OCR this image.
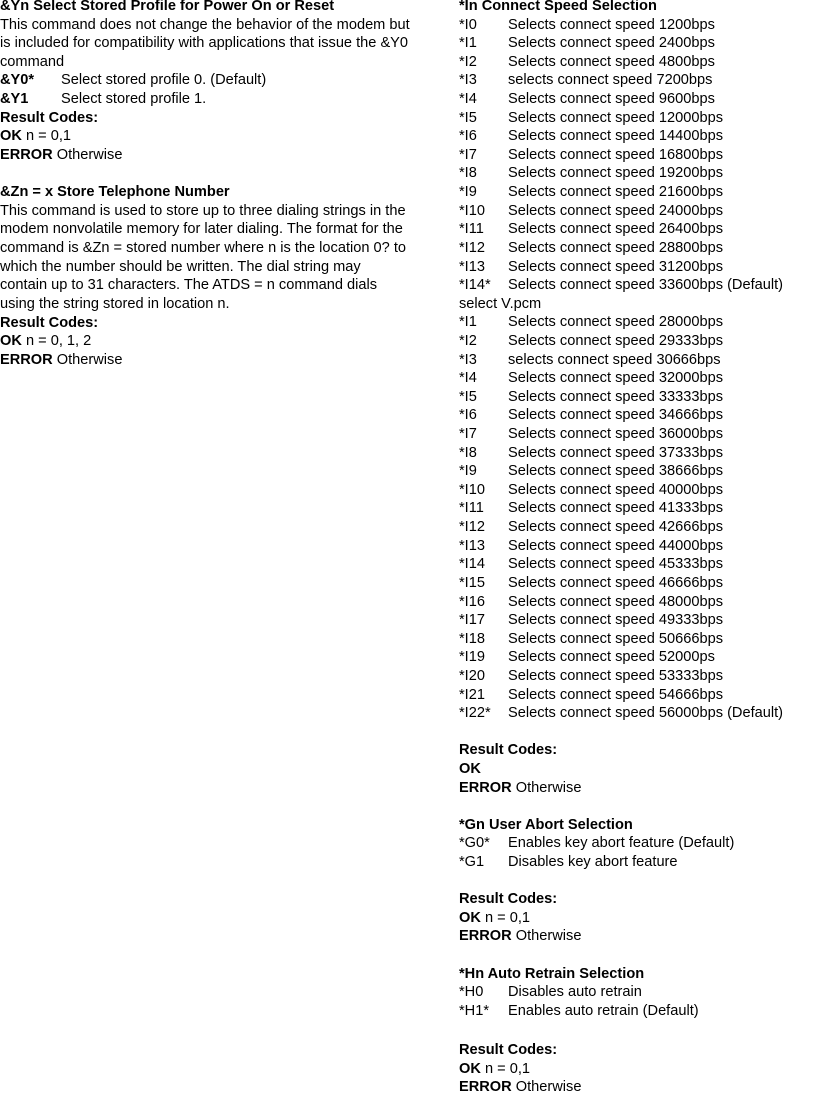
&Yn Select Stored Profile for Power On or Reset
This command does not change the behavior of the modem but is included for compatibility with applications that issue the &Y0 command
&Y0*	Select stored profile 0. (Default)
&Y1	Select stored profile 1.
Result Codes:
OK n = 0,1
ERROR Otherwise
&Zn = x Store Telephone Number
This command is used to store up to three dialing strings in the modem nonvolatile memory for later dialing. The format for the command is &Zn = stored number where n is the location 0? to which the number should be written. The dial string may contain up to 31 characters. The ATDS = n command dials using the string stored in location n.
Result Codes:
OK n = 0, 1, 2
ERROR Otherwise
*In Connect Speed Selection
*I0	Selects connect speed 1200bps
*I1	Selects connect speed 2400bps
*I2	Selects connect speed 4800bps
*I3	selects connect speed 7200bps
*I4	Selects connect speed 9600bps
*I5	Selects connect speed 12000bps
*I6	Selects connect speed 14400bps
*I7	Selects connect speed 16800bps
*I8	Selects connect speed 19200bps
*I9	Selects connect speed 21600bps
*I10	Selects connect speed 24000bps
*I11	Selects connect speed 26400bps
*I12	Selects connect speed 28800bps
*I13	Selects connect speed 31200bps
*I14*	Selects connect speed 33600bps (Default)
select V.pcm
*I1	Selects connect speed 28000bps
*I2	Selects connect speed 29333bps
*I3	selects connect speed 30666bps
*I4	Selects connect speed 32000bps
*I5	Selects connect speed 33333bps
*I6	Selects connect speed 34666bps
*I7	Selects connect speed 36000bps
*I8	Selects connect speed 37333bps
*I9	Selects connect speed 38666bps
*I10	Selects connect speed 40000bps
*I11	Selects connect speed 41333bps
*I12	Selects connect speed 42666bps
*I13	Selects connect speed 44000bps
*I14	Selects connect speed 45333bps
*I15	Selects connect speed 46666bps
*I16	Selects connect speed 48000bps
*I17	Selects connect speed 49333bps
*I18	Selects connect speed 50666bps
*I19	Selects connect speed 52000ps
*I20	Selects connect speed 53333bps
*I21	Selects connect speed 54666bps
*I22*	Selects connect speed 56000bps (Default)
Result Codes:
OK
ERROR Otherwise
*Gn User Abort Selection
*G0*	Enables key abort feature (Default)
*G1	Disables key abort feature
Result Codes:
OK n = 0,1
ERROR Otherwise
*Hn Auto Retrain Selection
*H0	Disables auto retrain
*H1*	Enables auto retrain (Default)
Result Codes:
OK n = 0,1
ERROR Otherwise
